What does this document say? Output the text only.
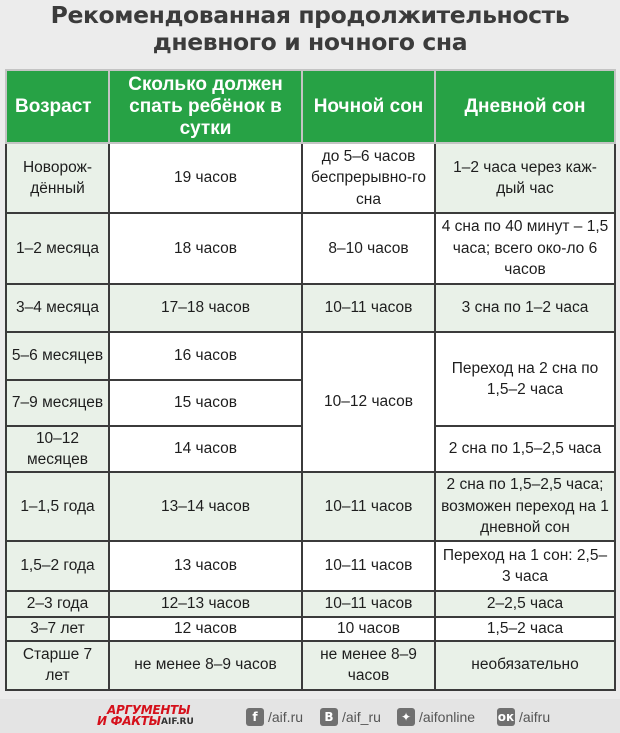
Рекомендованная продолжительность
дневного и ночного сна
Возраст	Сколько должен спать ребёнок в сутки	Ночной сон	Дневной сон
Новорож-дённый	19 часов	до 5–6 часов беспрерывно-го сна	1–2 часа через каж-дый час
1–2 месяца	18 часов	8–10 часов	4 сна по 40 минут – 1,5 часа; всего око-ло 6 часов
3–4 месяца	17–18 часов	10–11 часов	3 сна по 1–2 часа
5–6 месяцев	16 часов	10–12 часов	Переход на 2 сна по 1,5–2 часа
7–9 месяцев	15 часов		
10–12 месяцев	14 часов		2 сна по 1,5–2,5 часа
1–1,5 года	13–14 часов	10–11 часов	2 сна по 1,5–2,5 часа; возможен переход на 1 дневной сон
1,5–2 года	13 часов	10–11 часов	Переход на 1 сон: 2,5–3 часа
2–3 года	12–13 часов	10–11 часов	2–2,5 часа
3–7 лет	12 часов	10 часов	1,5–2 часа
Старше 7 лет	не менее 8–9 часов	не менее 8–9 часов	необязательно
АРГУМЕНТЫ
И ФАКТЫ AIF.RU	f /aif.ru	В /aif_ru	✦ /aifonline ок /aifru
